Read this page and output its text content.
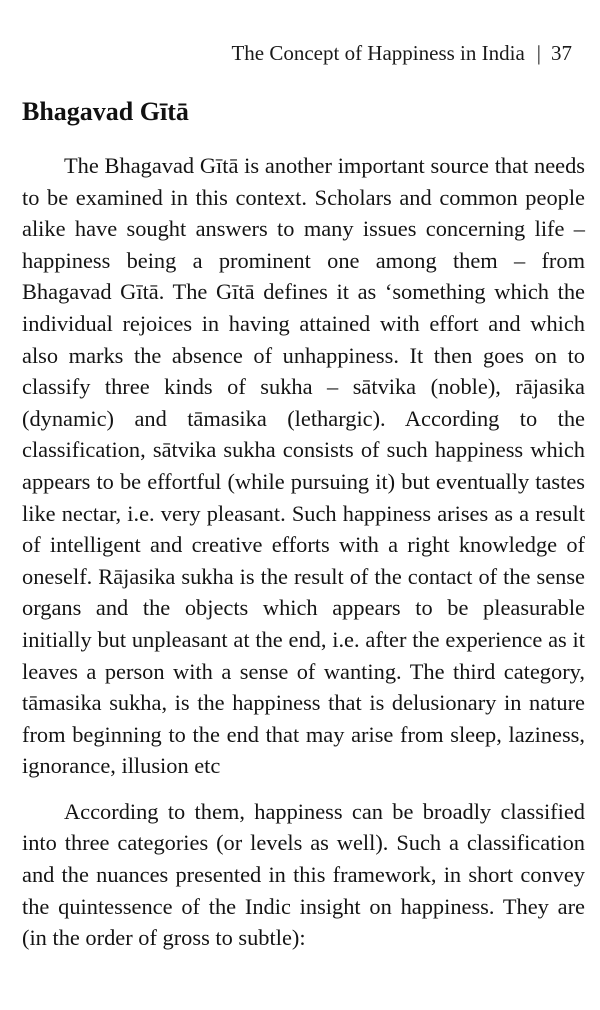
The Concept of Happiness in India | 37
Bhagavad Gītā

The Bhagavad Gītā is another important source that needs to be examined in this context. Scholars and common people alike have sought answers to many issues concerning life – happiness being a prominent one among them – from Bhagavad Gītā. The Gītā defines it as ‘something which the individual rejoices in having attained with effort and which also marks the absence of unhappiness. It then goes on to classify three kinds of sukha – sātvika (noble), rājasika (dynamic) and tāmasika (lethargic). According to the classification, sātvika sukha consists of such happiness which appears to be effortful (while pursuing it) but eventually tastes like nectar, i.e. very pleasant. Such happiness arises as a result of intelligent and creative efforts with a right knowledge of oneself. Rājasika sukha is the result of the contact of the sense organs and the objects which appears to be pleasurable initially but unpleasant at the end, i.e. after the experience as it leaves a person with a sense of wanting. The third category, tāmasika sukha, is the happiness that is delusionary in nature from beginning to the end that may arise from sleep, laziness, ignorance, illusion etc

According to them, happiness can be broadly classified into three categories (or levels as well). Such a classification and the nuances presented in this framework, in short convey the quintessence of the Indic insight on happiness. They are (in the order of gross to subtle):
